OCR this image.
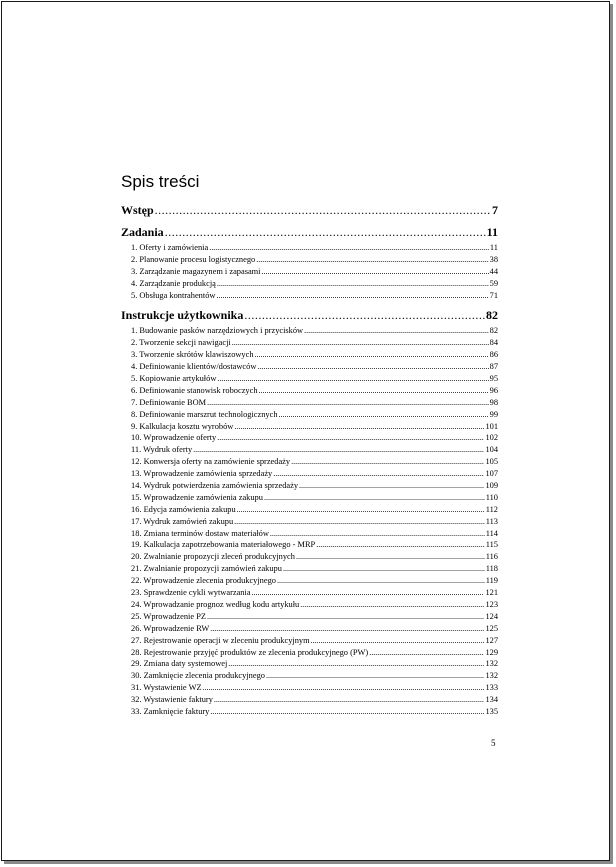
Spis treści
Wstęp .....	7
Zadania .....	11
1. Oferty i zamówienia .....	11
2. Planowanie procesu logistycznego .....	38
3. Zarządzanie magazynem i zapasami .....	44
4. Zarządzanie produkcją .....	59
5. Obsługa kontrahentów .....	71
Instrukcje użytkownika .....	82
1. Budowanie pasków narzędziowych i przycisków .....	82
2. Tworzenie sekcji nawigacji .....	84
3. Tworzenie skrótów klawiszowych .....	86
4. Definiowanie klientów/dostawców .....	87
5. Kopiowanie artykułów .....	95
6. Definiowanie stanowisk roboczych .....	96
7. Definiowanie BOM .....	98
8. Definiowanie marszrut technologicznych .....	99
9. Kalkulacja kosztu wyrobów .....	101
10. Wprowadzenie oferty .....	102
11. Wydruk oferty .....	104
12. Konwersja oferty na zamówienie sprzedaży .....	105
13. Wprowadzenie zamówienia sprzedaży .....	107
14. Wydruk potwierdzenia zamówienia sprzedaży .....	109
15. Wprowadzenie zamówienia zakupu .....	110
16. Edycja zamówienia zakupu .....	112
17. Wydruk zamówień zakupu .....	113
18. Zmiana terminów dostaw materiałów .....	114
19. Kalkulacja zapotrzebowania materiałowego - MRP .....	115
20. Zwalnianie propozycji zleceń produkcyjnych .....	116
21. Zwalnianie propozycji zamówień zakupu .....	118
22. Wprowadzenie zlecenia produkcyjnego .....	119
23. Sprawdzenie cykli wytwarzania .....	121
24. Wprowadzanie prognoz według kodu artykułu .....	123
25. Wprowadzenie PZ .....	124
26. Wprowadzenie RW .....	125
27. Rejestrowanie operacji w zleceniu produkcyjnym .....	127
28. Rejestrowanie przyjęć produktów ze zlecenia produkcyjnego (PW) .....	129
29. Zmiana daty systemowej .....	132
30. Zamknięcie zlecenia produkcyjnego .....	132
31. Wystawienie WZ .....	133
32. Wystawienie faktury .....	134
33. Zamknięcie faktury .....	135
5
